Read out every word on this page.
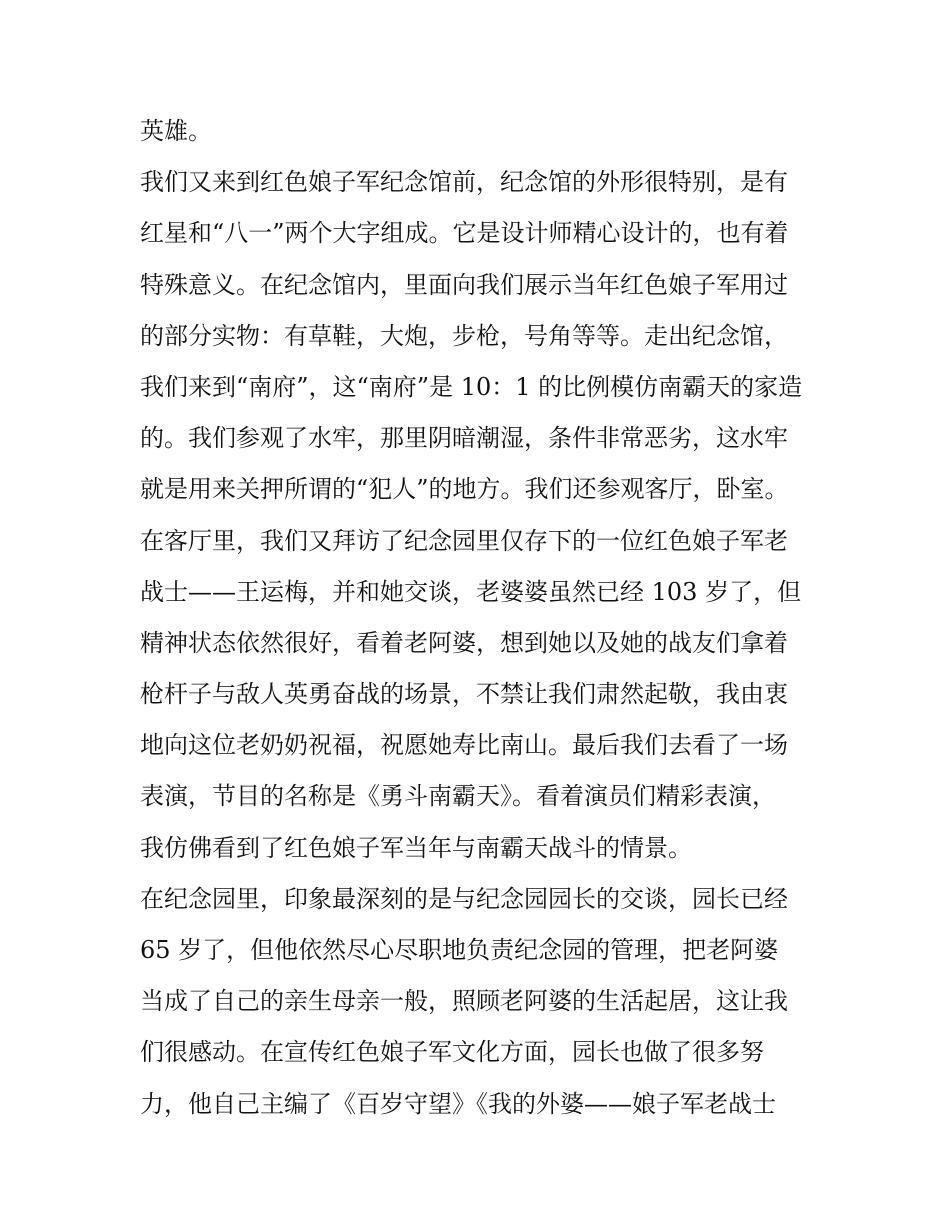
英雄。
我们又来到红色娘子军纪念馆前，纪念馆的外形很特别，是有
红星和“八一”两个大字组成。它是设计师精心设计的，也有着
特殊意义。在纪念馆内，里面向我们展示当年红色娘子军用过
的部分实物：有草鞋，大炮，步枪，号角等等。走出纪念馆，
我们来到“南府”，这“南府”是 10：1 的比例模仿南霸天的家造
的。我们参观了水牢，那里阴暗潮湿，条件非常恶劣，这水牢
就是用来关押所谓的“犯人”的地方。我们还参观客厅，卧室。
在客厅里，我们又拜访了纪念园里仅存下的一位红色娘子军老
战士——王运梅，并和她交谈，老婆婆虽然已经 103 岁了，但
精神状态依然很好，看着老阿婆，想到她以及她的战友们拿着
枪杆子与敌人英勇奋战的场景，不禁让我们肃然起敬，我由衷
地向这位老奶奶祝福，祝愿她寿比南山。最后我们去看了一场
表演，节目的名称是《勇斗南霸天》。看着演员们精彩表演，
我仿佛看到了红色娘子军当年与南霸天战斗的情景。
在纪念园里，印象最深刻的是与纪念园园长的交谈，园长已经
65 岁了，但他依然尽心尽职地负责纪念园的管理，把老阿婆
当成了自己的亲生母亲一般，照顾老阿婆的生活起居，这让我
们很感动。在宣传红色娘子军文化方面，园长也做了很多努
力，他自己主编了《百岁守望》《我的外婆——娘子军老战士
